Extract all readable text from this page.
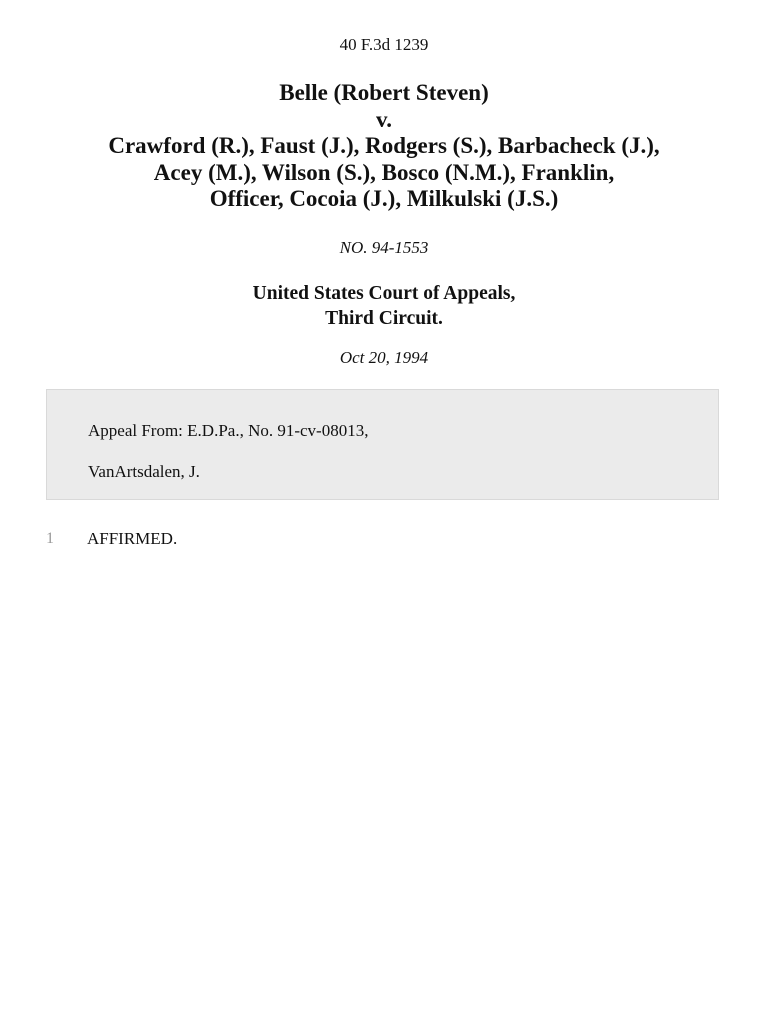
40 F.3d 1239
Belle (Robert Steven)
v.
Crawford (R.), Faust (J.), Rodgers (S.), Barbacheck (J.),
Acey (M.), Wilson (S.), Bosco (N.M.), Franklin,
Officer, Cocoia (J.), Milkulski (J.S.)
NO. 94-1553
United States Court of Appeals,
Third Circuit.
Oct 20, 1994
Appeal From: E.D.Pa., No. 91-cv-08013,
VanArtsdalen, J.
1 AFFIRMED.
